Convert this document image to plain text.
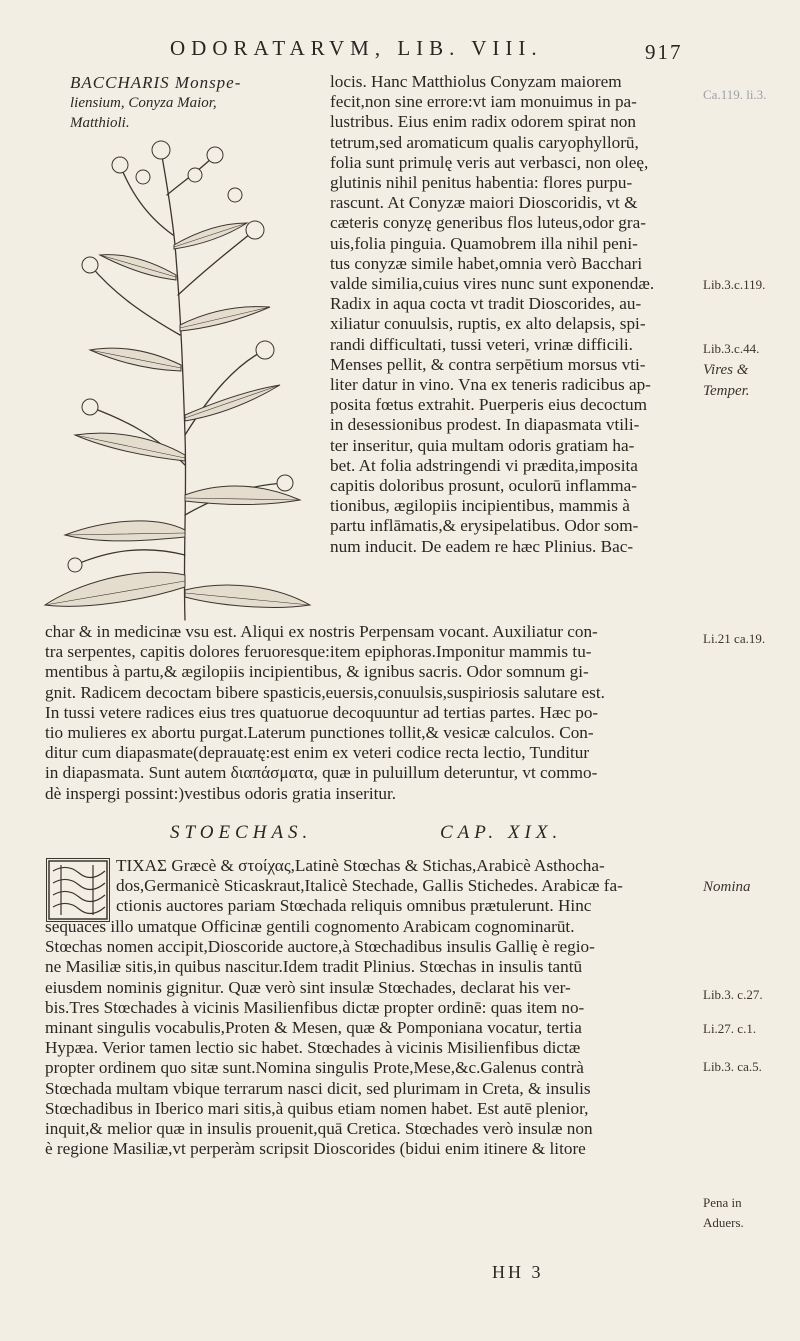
ODORATARVM, LIB. VIII.	917
BACCHARIS Monspe-
liensium, Conyza Maior,
Matthioli.
locis. Hanc Matthiolus Conyzam maiorem
fecit,non sine errore:vt iam monuimus in pa-
lustribus. Eius enim radix odorem spirat non
tetrum,sed aromaticum qualis caryophyllorū,
folia sunt primulę veris aut verbasci, non oleę,
glutinis nihil penitus habentia: flores purpu-
rascunt. At Conyzæ maiori Dioscoridis, vt &
cæteris conyzę generibus flos luteus,odor gra-
uis,folia pinguia. Quamobrem illa nihil peni-
tus conyzæ simile habet,omnia verò Bacchari
valde similia,cuius vires nunc sunt exponendæ.
Radix in aqua cocta vt tradit Dioscorides, au-
xiliatur conuulsis, ruptis, ex alto delapsis, spi-
randi difficultati, tussi veteri, vrinæ difficili.
Menses pellit, & contra serpētium morsus vti-
liter datur in vino. Vna ex teneris radicibus ap-
posita fœtus extrahit. Puerperis eius decoctum
in desessionibus prodest. In diapasmata vtili-
ter inseritur, quia multam odoris gratiam ha-
bet. At folia adstringendi vi prædita,imposita
capitis doloribus prosunt, oculorū inflamma-
tionibus, ægilopiis incipientibus, mammis à
partu inflāmatis,& erysipelatibus. Odor som-
num inducit. De eadem re hæc Plinius. Bac-
char & in medicinæ vsu est. Aliqui ex nostris Perpensam vocant. Auxiliatur con-
tra serpentes, capitis dolores feruoresque:item epiphoras.Imponitur mammis tu-
mentibus à partu,& ægilopiis incipientibus, & ignibus sacris. Odor somnum gi-
gnit. Radicem decoctam bibere spasticis,euersis,conuulsis,suspiriosis salutare est.
In tussi vetere radices eius tres quatuorue decoquuntur ad tertias partes. Hæc po-
tio mulieres ex abortu purgat.Laterum punctiones tollit,& vesicæ calculos. Con-
ditur cum diapasmate(deprauatę:est enim ex veteri codice recta lectio, Tunditur
in diapasmata. Sunt autem διαπάσματα, quæ in puluillum deteruntur, vt commo-
dè inspergi possint:)vestibus odoris gratia inseritur.
STOECHAS.	CAP. XIX.
ΤΙΧΑΣ Græcè & στοίχας,Latinè Stœchas & Stichas,Arabicè Asthocha-
dos,Germanicè Sticaskraut,Italicè Stechade, Gallis Stichedes. Arabicæ fa-
ctionis auctores pariam Stœchada reliquis omnibus prætulerunt. Hinc
sequaces illo umatque Officinæ gentili cognomento Arabicam cognominarūt.
Stœchas nomen accipit,Dioscoride auctore,à Stœchadibus insulis Gallię è regio-
ne Masiliæ sitis,in quibus nascitur.Idem tradit Plinius. Stœchas in insulis tantū
eiusdem nominis gignitur. Quæ verò sint insulæ Stœchades, declarat his ver-
bis.Tres Stœchades à vicinis Masilienfibus dictæ propter ordinē: quas item no-
minant singulis vocabulis,Proten & Mesen, quæ & Pomponiana vocatur, tertia
Hypæa. Verior tamen lectio sic habet. Stœchades à vicinis Misilienfibus dictæ
propter ordinem quo sitæ sunt.Nomina singulis Prote,Mese,&c.Galenus contrà
Stœchada multam vbique terrarum nasci dicit, sed plurimam in Creta, & insulis
Stœchadibus in Iberico mari sitis,à quibus etiam nomen habet. Est autē plenior,
inquit,& melior quæ in insulis prouenit,quā Cretica. Stœchades verò insulæ non
è regione Masiliæ,vt perperàm scripsit Dioscorides (bidui enim itinere & litore
HH 3
Ca.119. li.3.
Lib.3.c.119.
Lib.3.c.44.
Vires &
Temper.
Li.21 ca.19.
Nomina
Lib.3. c.27.
Li.27. c.1.
Lib.3. ca.5.
Pena in
Aduers.
